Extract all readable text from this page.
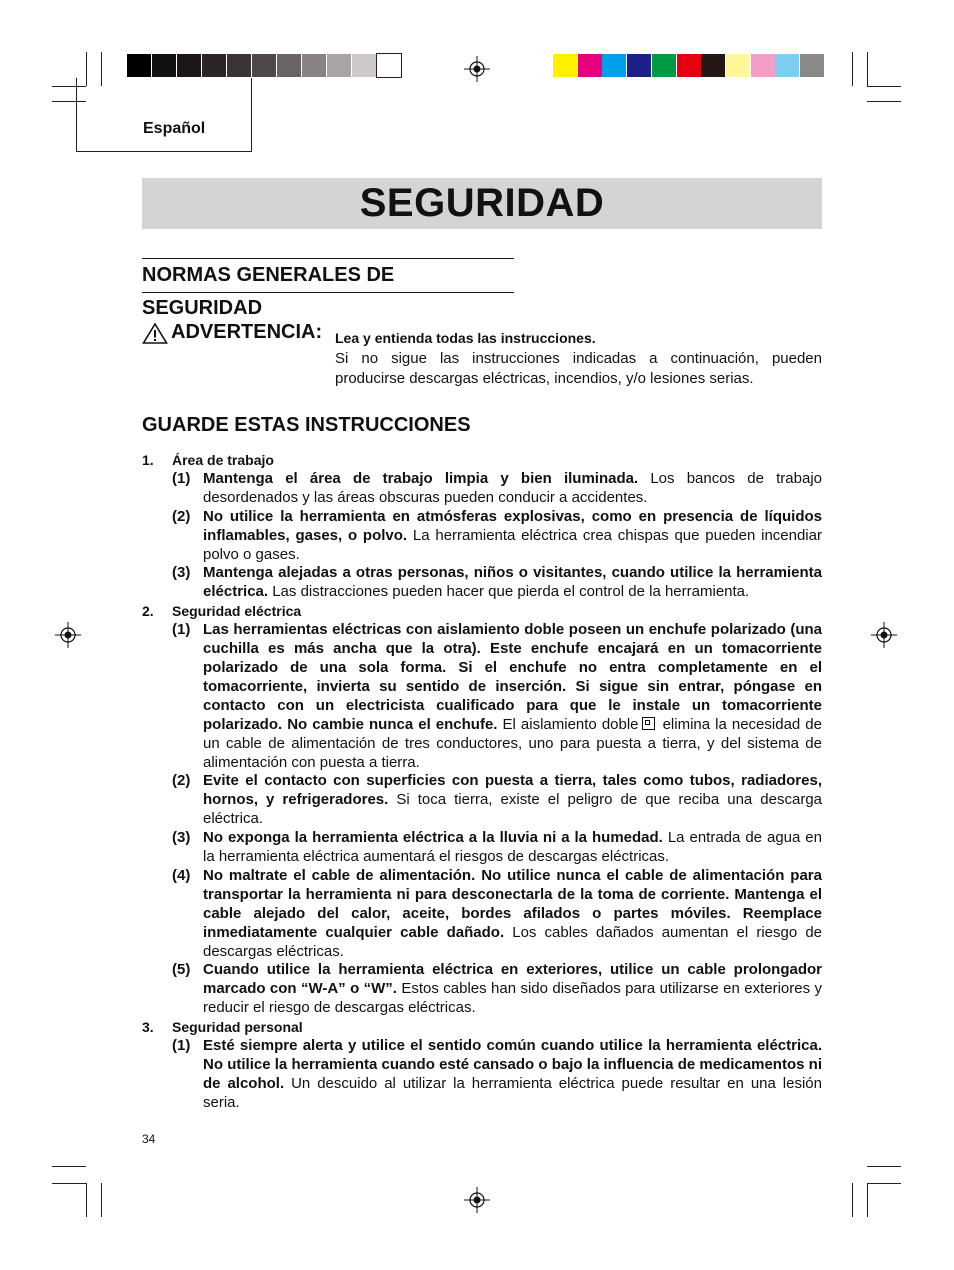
Español
SEGURIDAD
NORMAS GENERALES DE SEGURIDAD
ADVERTENCIA: Lea y entienda todas las instrucciones.
Si no sigue las instrucciones indicadas a continuación, pueden producirse descargas eléctricas, incendios, y/o lesiones serias.
GUARDE ESTAS INSTRUCCIONES
1.	Área de trabajo
(1) Mantenga el área de trabajo limpia y bien iluminada. Los bancos de trabajo desordenados y las áreas obscuras pueden conducir a accidentes.
(2) No utilice la herramienta en atmósferas explosivas, como en presencia de líquidos inflamables, gases, o polvo. La herramienta eléctrica crea chispas que pueden incendiar polvo o gases.
(3) Mantenga alejadas a otras personas, niños o visitantes, cuando utilice la herramienta eléctrica. Las distracciones pueden hacer que pierda el control de la herramienta.
2.	Seguridad eléctrica
(1) Las herramientas eléctricas con aislamiento doble poseen un enchufe polarizado (una cuchilla es más ancha que la otra). Este enchufe encajará en un tomacorriente polarizado de una sola forma. Si el enchufe no entra completamente en el tomacorriente, invierta su sentido de inserción. Si sigue sin entrar, póngase en contacto con un electricista cualificado para que le instale un tomacorriente polarizado. No cambie nunca el enchufe. El aislamiento doble elimina la necesidad de un cable de alimentación de tres conductores, uno para puesta a tierra, y del sistema de alimentación con puesta a tierra.
(2) Evite el contacto con superficies con puesta a tierra, tales como tubos, radiadores, hornos, y refrigeradores. Si toca tierra, existe el peligro de que reciba una descarga eléctrica.
(3) No exponga la herramienta eléctrica a la lluvia ni a la humedad. La entrada de agua en la herramienta eléctrica aumentará el riesgos de descargas eléctricas.
(4) No maltrate el cable de alimentación. No utilice nunca el cable de alimentación para transportar la herramienta ni para desconectarla de la toma de corriente. Mantenga el cable alejado del calor, aceite, bordes afilados o partes móviles. Reemplace inmediatamente cualquier cable dañado. Los cables dañados aumentan el riesgo de descargas eléctricas.
(5) Cuando utilice la herramienta eléctrica en exteriores, utilice un cable prolongador marcado con “W-A” o “W”. Estos cables han sido diseñados para utilizarse en exteriores y reducir el riesgo de descargas eléctricas.
3.	Seguridad personal
(1) Esté siempre alerta y utilice el sentido común cuando utilice la herramienta eléctrica. No utilice la herramienta cuando esté cansado o bajo la influencia de medicamentos ni de alcohol. Un descuido al utilizar la herramienta eléctrica puede resultar en una lesión seria.
34
